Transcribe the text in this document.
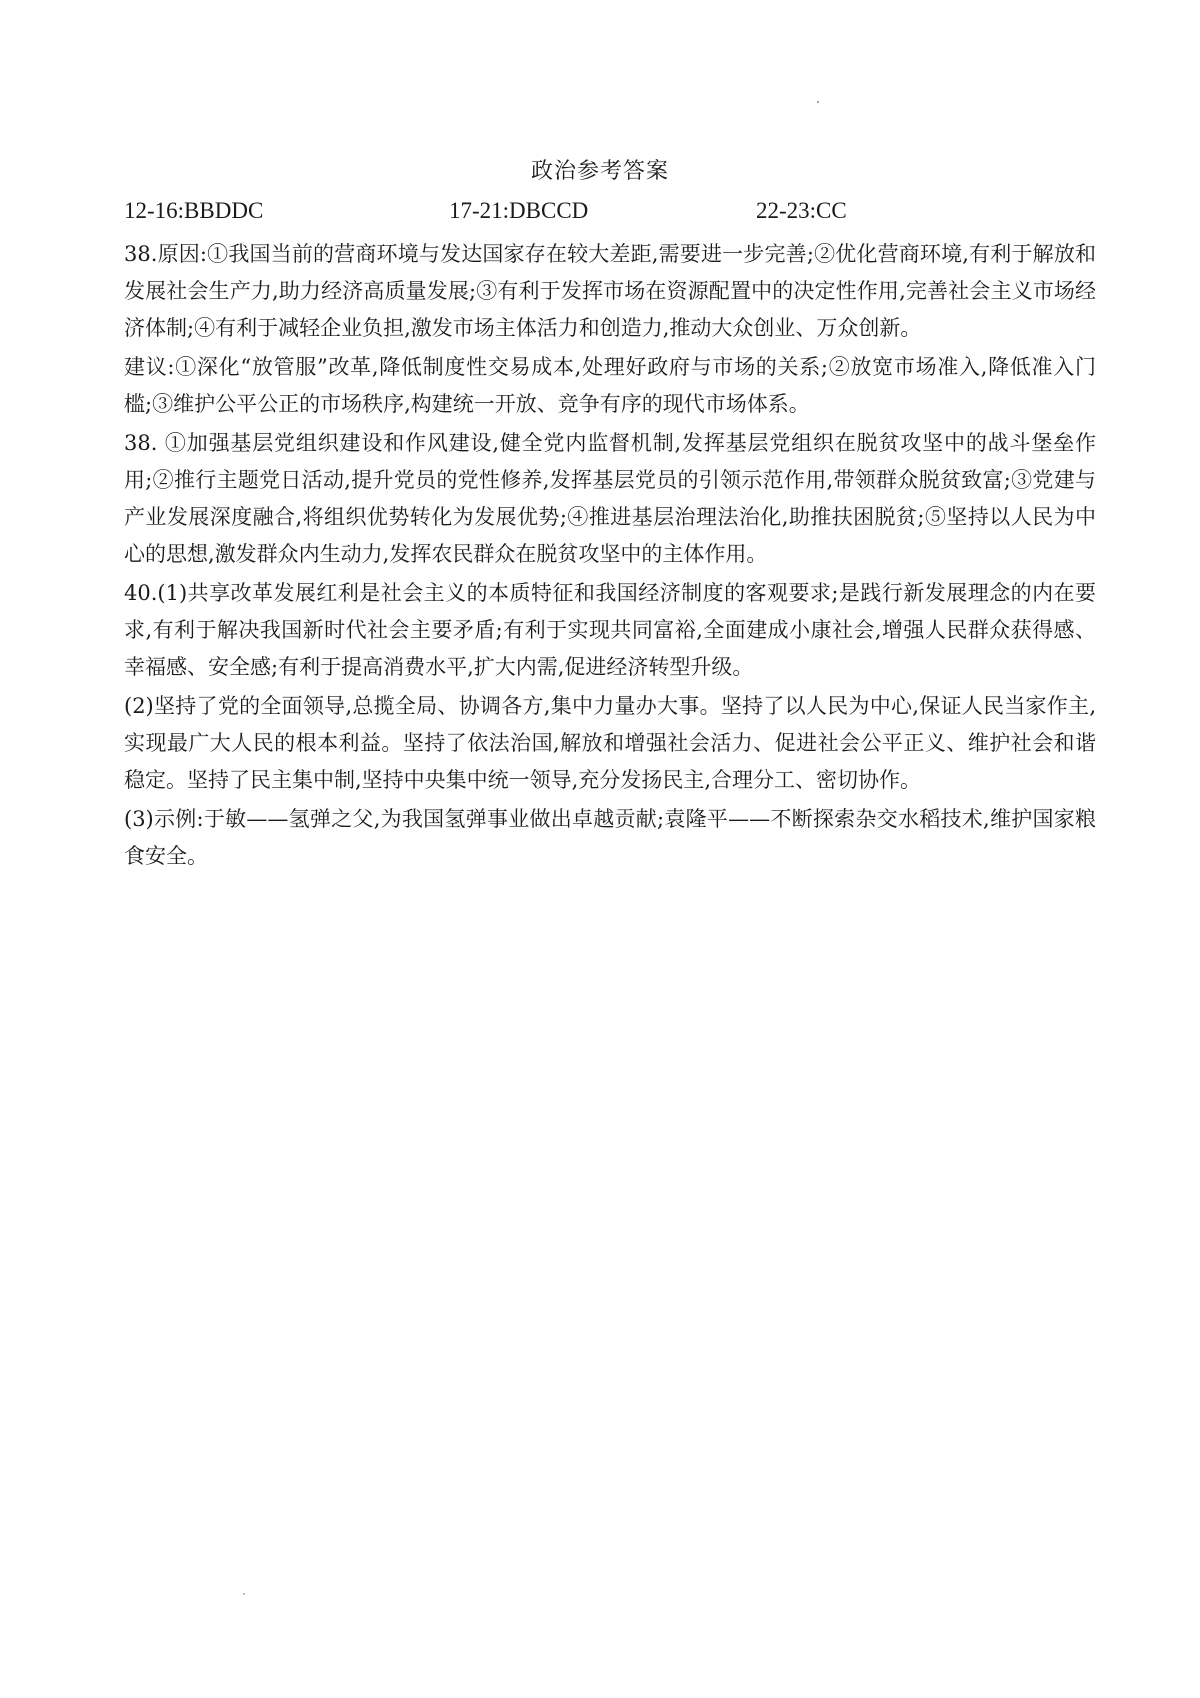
政治参考答案
12-16:BBDDC	17-21:DBCCD	22-23:CC

38.原因:①我国当前的营商环境与发达国家存在较大差距,需要进一步完善;②优化营商环境,有利于解放和发展社会生产力,助力经济高质量发展;③有利于发挥市场在资源配置中的决定性作用,完善社会主义市场经济体制;④有利于减轻企业负担,激发市场主体活力和创造力,推动大众创业、万众创新。

建议:①深化“放管服”改革,降低制度性交易成本,处理好政府与市场的关系;②放宽市场准入,降低准入门槛;③维护公平公正的市场秩序,构建统一开放、竞争有序的现代市场体系。

38. ①加强基层党组织建设和作风建设,健全党内监督机制,发挥基层党组织在脱贫攻坚中的战斗堡垒作用;②推行主题党日活动,提升党员的党性修养,发挥基层党员的引领示范作用,带领群众脱贫致富;③党建与产业发展深度融合,将组织优势转化为发展优势;④推进基层治理法治化,助推扶困脱贫;⑤坚持以人民为中心的思想,激发群众内生动力,发挥农民群众在脱贫攻坚中的主体作用。

40.(1)共享改革发展红利是社会主义的本质特征和我国经济制度的客观要求;是践行新发展理念的内在要求,有利于解决我国新时代社会主要矛盾;有利于实现共同富裕,全面建成小康社会,增强人民群众获得感、幸福感、安全感;有利于提高消费水平,扩大内需,促进经济转型升级。

(2)坚持了党的全面领导,总揽全局、协调各方,集中力量办大事。坚持了以人民为中心,保证人民当家作主,实现最广大人民的根本利益。坚持了依法治国,解放和增强社会活力、促进社会公平正义、维护社会和谐稳定。坚持了民主集中制,坚持中央集中统一领导,充分发扬民主,合理分工、密切协作。

(3)示例:于敏——氢弹之父,为我国氢弹事业做出卓越贡献;袁隆平——不断探索杂交水稻技术,维护国家粮食安全。
